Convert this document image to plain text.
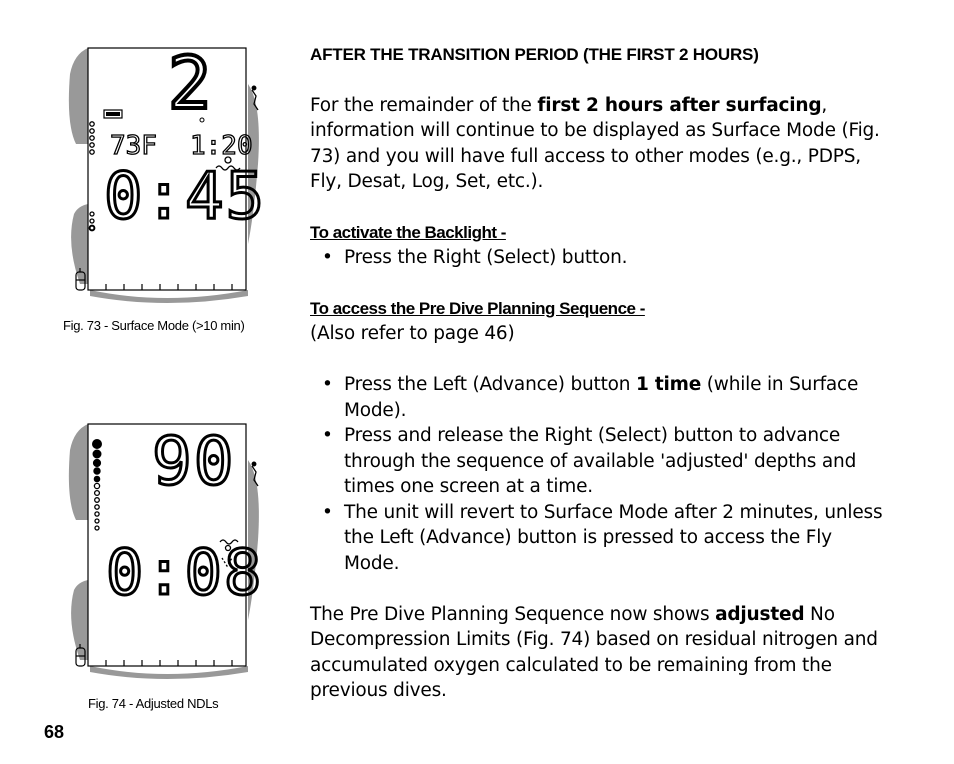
2
73F 1:20
0:45
Fig. 73 - Surface Mode (>10 min)
90
0:08
Fig. 74 - Adjusted NDLs

AFTER THE TRANSITION PERIOD (THE FIRST 2 HOURS)

For the remainder of the first 2 hours after surfacing, information will continue to be displayed as Surface Mode (Fig. 73) and you will have full access to other modes (e.g., PDPS, Fly, Desat, Log, Set, etc.).

To activate the Backlight -

• Press the Right (Select) button.

To access the Pre Dive Planning Sequence -

(Also refer to page 46)

• Press the Left (Advance) button 1 time (while in Surface Mode).
• Press and release the Right (Select) button to advance through the sequence of available 'adjusted' depths and times one screen at a time.
• The unit will revert to Surface Mode after 2 minutes, unless the Left (Advance) button is pressed to access the Fly Mode.

The Pre Dive Planning Sequence now shows adjusted No Decompression Limits (Fig. 74) based on residual nitrogen and accumulated oxygen calculated to be remaining from the previous dives.

68
